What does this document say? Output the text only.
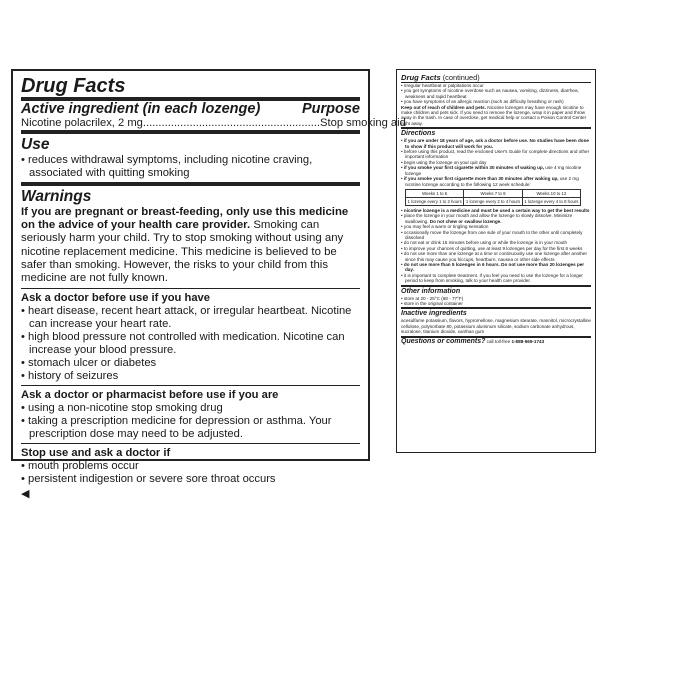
Drug Facts
Active ingredient (in each lozenge)	Purpose
Nicotine polacrilex, 2 mg......................................................... Stop smoking aid
Use
• reduces withdrawal symptoms, including nicotine craving, associated with quitting smoking
Warnings
If you are pregnant or breast-feeding, only use this medicine on the advice of your health care provider. Smoking can seriously harm your child. Try to stop smoking without using any nicotine replacement medicine. This medicine is believed to be safer than smoking. However, the risks to your child from this medicine are not fully known.
Ask a doctor before use if you have
• heart disease, recent heart attack, or irregular heartbeat. Nicotine can increase your heart rate.
• high blood pressure not controlled with medication. Nicotine can increase your blood pressure.
• stomach ulcer or diabetes
• history of seizures
Ask a doctor or pharmacist before use if you are
• using a non-nicotine stop smoking drug
• taking a prescription medicine for depression or asthma. Your prescription dose may need to be adjusted.
Stop use and ask a doctor if
• mouth problems occur
• persistent indigestion or severe sore throat occurs
◀
Drug Facts (continued)
• irregular heartbeat or palpitations occur
• you get symptoms of nicotine overdose such as nausea, vomiting, dizziness, diarrhea, weakness and rapid heartbeat
• you have symptoms of an allergic reaction (such as difficulty breathing or rash)
Keep out of reach of children and pets. Nicotine lozenges may have enough nicotine to make children and pets sick. If you need to remove the lozenge, wrap it in paper and throw away in the trash. In case of overdose, get medical help or contact a Poison Control Center right away.
Directions
• if you are under 18 years of age, ask a doctor before use. No studies have been done to show if this product will work for you.
• before using this product, read the enclosed User's Guide for complete directions and other important information
• begin using the lozenge on your quit day
• if you smoke your first cigarette within 30 minutes of waking up, use 4 mg nicotine lozenge
• if you smoke your first cigarette more than 30 minutes after waking up, use 2 mg nicotine lozenge according to the following 12 week schedule:
Weeks 1 to 6	Weeks 7 to 9	Weeks 10 to 12
1 lozenge every 1 to 2 hours	1 lozenge every 2 to 4 hours	1 lozenge every 4 to 8 hours
• nicotine lozenge is a medicine and must be used a certain way to get the best results
• place the lozenge in your mouth and allow the lozenge to slowly dissolve. Minimize swallowing. Do not chew or swallow lozenge.
• you may feel a warm or tingling sensation
• occasionally move the lozenge from one side of your mouth to the other until completely dissolved
• do not eat or drink 15 minutes before using or while the lozenge is in your mouth
• to improve your chances of quitting, use at least 9 lozenges per day for the first 6 weeks
• do not use more than one lozenge at a time or continuously use one lozenge after another since this may cause you hiccups, heartburn, nausea or other side effects
• do not use more than 5 lozenges in 6 hours. Do not use more than 20 lozenges per day.
• it is important to complete treatment. If you feel you need to use the lozenge for a longer period to keep from smoking, talk to your health care provider.
Other information
• store at 20 - 25°C (68 - 77°F)
• store in the original container
Inactive ingredients
acesulfame potassium, flavors, hypromellose, magnesium stearate, mannitol, microcrystalline cellulose, polysorbate 80, potassium aluminum silicate, sodium carbonate anhydrous, sucralose, titanium dioxide, xanthan gum
Questions or comments? call toll-free 1-888-569-1743
